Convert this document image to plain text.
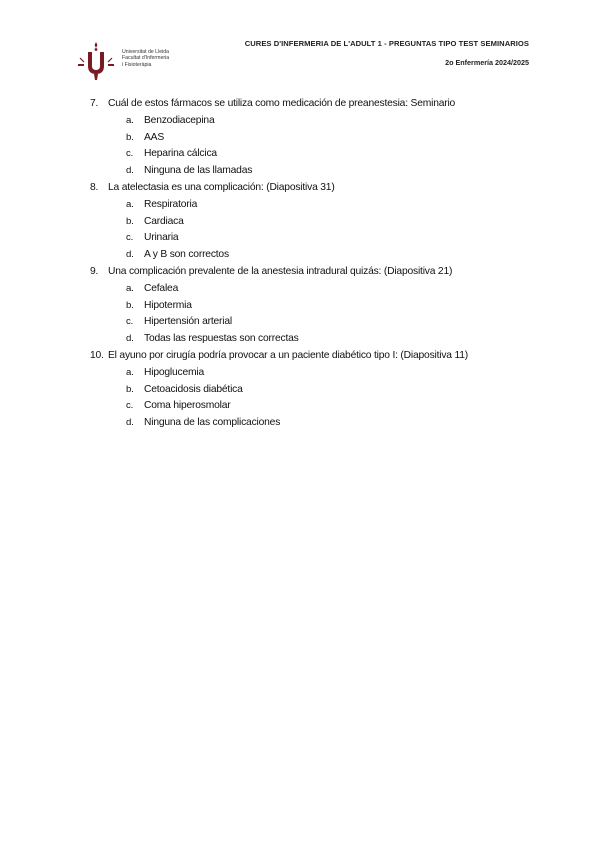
Universitat de Lleida
Facultat d'Infermeria
i Fisioteràpia
CURES D'INFERMERIA DE L'ADULT 1 - PREGUNTAS TIPO TEST SEMINARIOS
2o Enfermería 2024/2025
7. Cuál de estos fármacos se utiliza como medicación de preanestesia: Seminario
a. Benzodiacepina
b. AAS
c. Heparina cálcica
d. Ninguna de las llamadas
8. La atelectasia es una complicación: (Diapositiva 31)
a. Respiratoria
b. Cardiaca
c. Urinaria
d. A y B son correctos
9. Una complicación prevalente de la anestesia intradural quizás: (Diapositiva 21)
a. Cefalea
b. Hipotermia
c. Hipertensión arterial
d. Todas las respuestas son correctas
10. El ayuno por cirugía podría provocar a un paciente diabético tipo I: (Diapositiva 11)
a. Hipoglucemia
b. Cetoacidosis diabética
c. Coma hiperosmolar
d. Ninguna de las complicaciones
